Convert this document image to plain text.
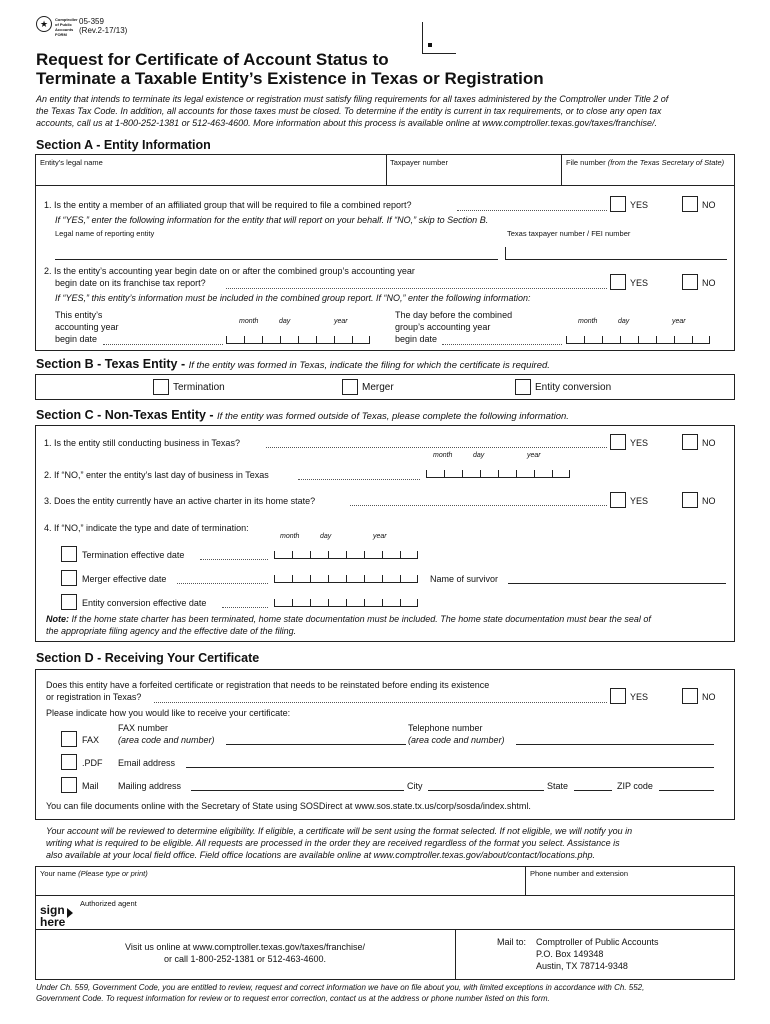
★	Comptroller of Public Accounts FORM
05-359
(Rev.2-17/13)
Request for Certificate of Account Status to
Terminate a Taxable Entity’s Existence in Texas or Registration
An entity that intends to terminate its legal existence or registration must satisfy filing requirements for all taxes administered by the Comptroller under Title 2 of
the Texas Tax Code. In addition, all accounts for those taxes must be closed. To determine if the entity is current in tax requirements, or to close any open tax
accounts, call us at 1-800-252-1381 or 512-463-4600. More information about this process is available online at www.comptroller.texas.gov/taxes/franchise/.
Section A - Entity Information
Entity’s legal name	Taxpayer number	File number (from the Texas Secretary of State)
1. Is the entity a member of an affiliated group that will be required to file a combined report?	YES	NO
If “YES,” enter the following information for the entity that will report on your behalf. If “NO,” skip to Section B.
Legal name of reporting entity	Texas taxpayer number / FEI number
2. Is the entity’s accounting year begin date on or after the combined group’s accounting year
begin date on its franchise tax report?	YES	NO
If “YES,” this entity’s information must be included in the combined group report. If “NO,” enter the following information:
This entity’s
accounting year
begin date
month	day	year
The day before the combined
group’s accounting year
begin date
month	day	year
Section B - Texas Entity - If the entity was formed in Texas, indicate the filing for which the certificate is required.
Termination	Merger	Entity conversion
Section C - Non-Texas Entity - If the entity was formed outside of Texas, please complete the following information.
1. Is the entity still conducting business in Texas?	YES	NO
month	day	year
2. If “NO,” enter the entity’s last day of business in Texas
3. Does the entity currently have an active charter in its home state?	YES	NO
4. If “NO,” indicate the type and date of termination:
month	day	year
Termination effective date
Merger effective date	Name of survivor
Entity conversion effective date
Note: If the home state charter has been terminated, home state documentation must be included. The home state documentation must bear the seal of
the appropriate filing agency and the effective date of the filing.
Section D - Receiving Your Certificate
Does this entity have a forfeited certificate or registration that needs to be reinstated before ending its existence
or registration in Texas?	YES	NO
Please indicate how you would like to receive your certificate:
FAX
FAX number
(area code and number)
Telephone number
(area code and number)
.PDF Email address
Mail Mailing address	City	State	ZIP code
You can file documents online with the Secretary of State using SOSDirect at www.sos.state.tx.us/corp/sosda/index.shtml.
Your account will be reviewed to determine eligibility. If eligible, a certificate will be sent using the format selected. If not eligible, we will notify you in
writing what is required to be eligible. All requests are processed in the order they are received regardless of the format you select. Assistance is
also available at your local field office. Field office locations are available online at www.comptroller.texas.gov/about/contact/locations.php.
Your name (Please type or print)	Phone number and extension
sign
here
Authorized agent
Visit us online at www.comptroller.texas.gov/taxes/franchise/
or call 1-800-252-1381 or 512-463-4600.
Mail to: Comptroller of Public Accounts
P.O. Box 149348
Austin, TX 78714-9348
Under Ch. 559, Government Code, you are entitled to review, request and correct information we have on file about you, with limited exceptions in accordance with Ch. 552,
Government Code. To request information for review or to request error correction, contact us at the address or phone number listed on this form.
